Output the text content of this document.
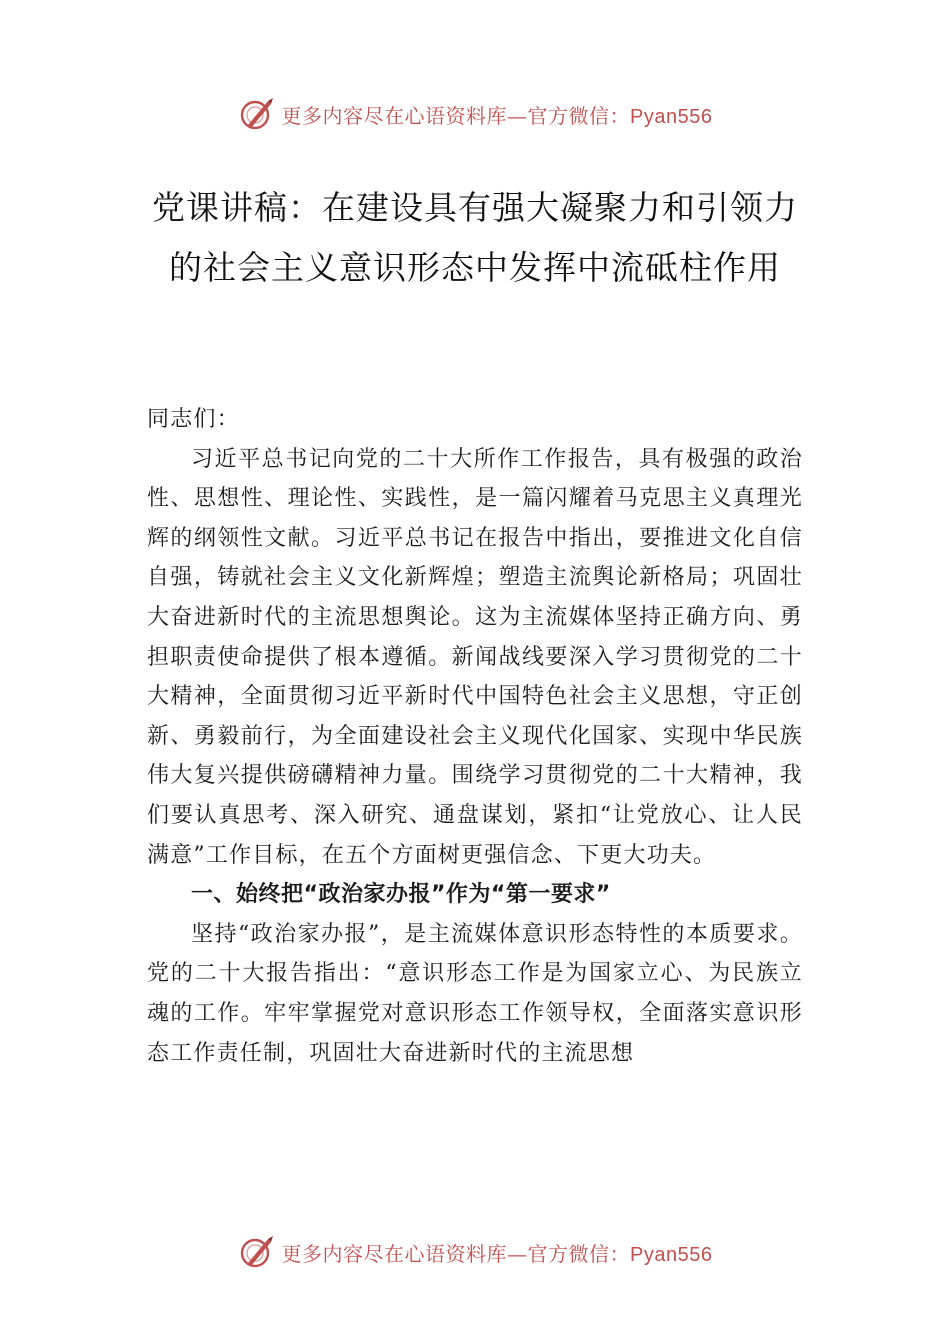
更多内容尽在心语资料库—官方微信：Pyan556
党课讲稿：在建设具有强大凝聚力和引领力的社会主义意识形态中发挥中流砥柱作用

同志们：

习近平总书记向党的二十大所作工作报告，具有极强的政治性、思想性、理论性、实践性，是一篇闪耀着马克思主义真理光辉的纲领性文献。习近平总书记在报告中指出，要推进文化自信自强，铸就社会主义文化新辉煌；塑造主流舆论新格局；巩固壮大奋进新时代的主流思想舆论。这为主流媒体坚持正确方向、勇担职责使命提供了根本遵循。新闻战线要深入学习贯彻党的二十大精神，全面贯彻习近平新时代中国特色社会主义思想，守正创新、勇毅前行，为全面建设社会主义现代化国家、实现中华民族伟大复兴提供磅礴精神力量。围绕学习贯彻党的二十大精神，我们要认真思考、深入研究、通盘谋划，紧扣“让党放心、让人民满意”工作目标，在五个方面树更强信念、下更大功夫。

一、始终把“政治家办报”作为“第一要求”

坚持“政治家办报”，是主流媒体意识形态特性的本质要求。党的二十大报告指出：“意识形态工作是为国家立心、为民族立魂的工作。牢牢掌握党对意识形态工作领导权，全面落实意识形态工作责任制，巩固壮大奋进新时代的主流思想

更多内容尽在心语资料库—官方微信：Pyan556
